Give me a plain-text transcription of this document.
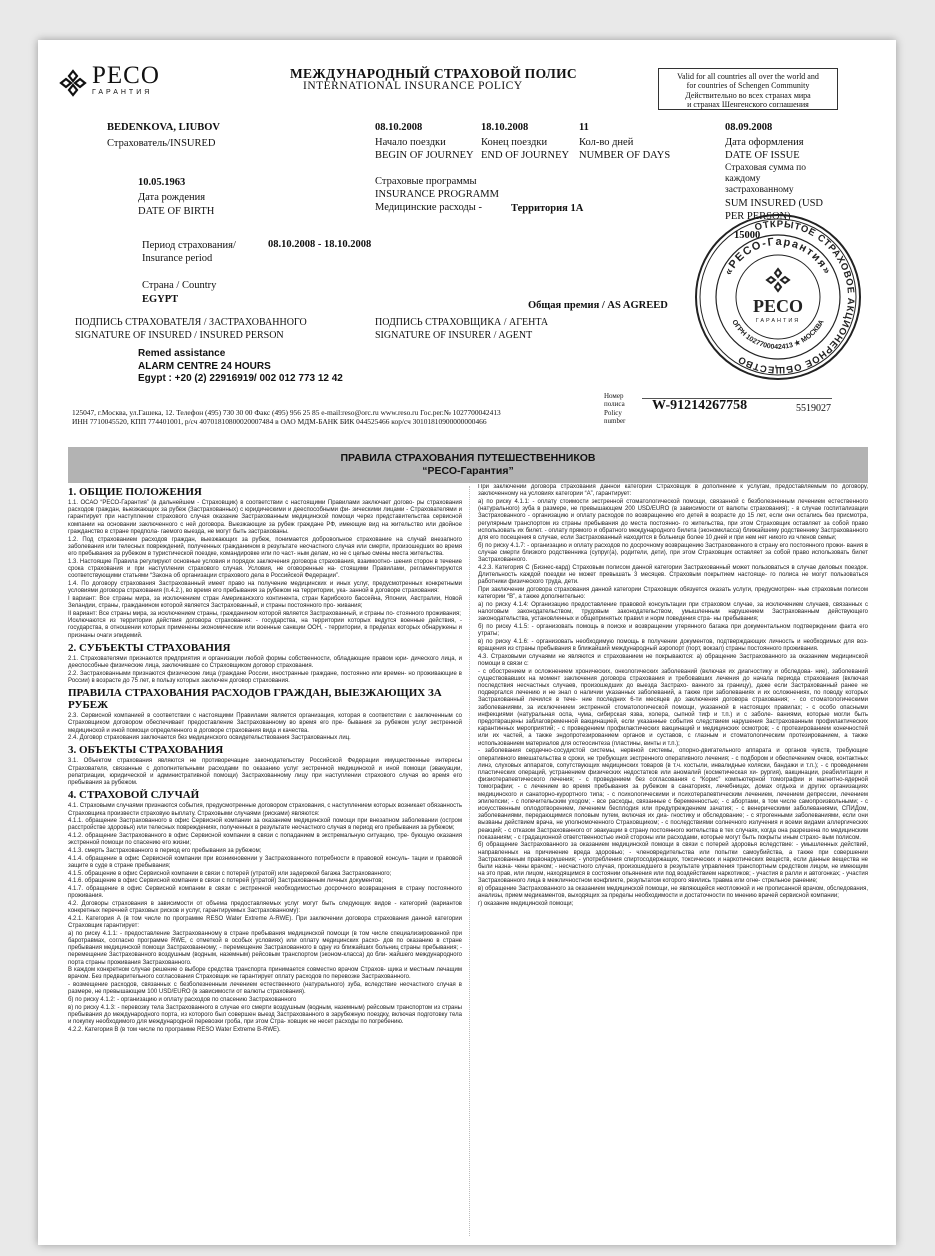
РЕСО
ГАРАНТИЯ
МЕЖДУНАРОДНЫЙ СТРАХОВОЙ ПОЛИС
INTERNATIONAL INSURANCE POLICY
Valid for all countries all over the world and
for countries of Schengen Community
Действительно во всех странах мира
и странах Шенгенского соглашения
BEDENKOVA, LIUBOV
Страхователь/INSURED
08.10.2008
Начало поездки
BEGIN OF JOURNEY
18.10.2008
Конец поездки
END OF JOURNEY
11
Кол-во дней
NUMBER OF DAYS
08.09.2008
Дата оформления
DATE OF ISSUE
Страховая сумма по
каждому
застрахованному
SUM INSURED (USD
PER PERSON)
15000
10.05.1963
Дата рождения
DATE OF BIRTH
Страховые программы
INSURANCE PROGRAMM
Медицинские расходы -	Территория 1А
Период страхования/
Insurance period
08.10.2008 - 18.10.2008
Страна / Country
EGYPT
Общая премия / AS AGREED
ПОДПИСЬ СТРАХОВАТЕЛЯ / ЗАСТРАХОВАННОГО
SIGNATURE OF INSURED / INSURED PERSON
ПОДПИСЬ СТРАХОВЩИКА / АГЕНТА
SIGNATURE OF INSURER / AGENT
Remed assistance
ALARM CENTRE 24 HOURS
Egypt : +20 (2) 22916919/ 002 012 773 12 42
125047, г.Москва, ул.Гашека, 12. Телефон (495) 730 30 00 Факс (495) 956 25 85 e-mail:reso@orc.ru www.reso.ru Гос.рег.№ 1027700042413
ИНН 7710045520, КПП 774401001, р/сч 40701810800020007484 в ОАО МДМ-БАНК БИК 044525466 кор/сч 30101810900000000466
Номер
полиса
Policy
number
W-91214267758	5519027
ОТКРЫТОЕ СТРАХОВОЕ АКЦИОНЕРНОЕ ОБЩЕСТВО
«РЕСО-Гарантия»
ОГРН 1027700042413 ★ МОСКВА
РЕСО
ГАРАНТИЯ
ПРАВИЛА СТРАХОВАНИЯ ПУТЕШЕСТВЕННИКОВ
“РЕСО-Гарантия”
1. ОБЩИЕ ПОЛОЖЕНИЯ

1.1. ОСАО “РЕСО-Гарантия” (в дальнейшем - Страховщик) в соответствии с настоящими Правилами заключает догово- ры страхования расходов граждан, выезжающих за рубеж (Застрахованных) с юридическими и дееспособными фи- зическими лицами - Страхователями и гарантирует при наступлении страхового случая оказание Застрахованным медицинской помощи через представительства сервисной компании на основании заключенного с ней договора. Выезжающие за рубеж граждане РФ, имеющие вид на жительство или двойное гражданство в стране предпола- гаемого выезда, не могут быть застрахованы.

1.2. Под страхованием расходов граждан, выезжающих за рубеж, понимается добровольное страхование на случай внезапного заболевания или телесных повреждений, полученных гражданином в результате несчастного случая или смерти, произошедших во время его пребывания за рубежом в туристической поездке, командировке или по част- ным делам, но не с целью смены места жительства.

1.3. Настоящие Правила регулируют основные условия и порядок заключения договора страхования, взаимоотно- шения сторон в течение срока страхования и при наступлении страхового случая. Условия, не оговоренные на- стоящими Правилами, регламентируются соответствующими статьями “Закона об организации страхового дела в Российской Федерации”.

1.4. По договору страхования Застрахованный имеет право на получение медицинских и иных услуг, предусмотренных конкретными условиями договора страхования (п.4.2.), во время его пребывания за рубежом на территории, ука- занной в договоре страхования:

I вариант: Все страны мира, за исключением стран Американского континента, стран Карибского бассейна, Японии, Австралии, Новой Зеландии, страны, гражданином которой является Застрахованный, и страны постоянного про- живания;

II вариант: Все страны мира, за исключением страны, гражданином которой является Застрахованный, и страны по- стоянного проживания;

Исключаются из территории действия договора страхования: - государства, на территории которых ведутся военные действия, - государства, в отношении которых применены экономические или военные санкции ООН, - территории, в пределах которых обнаружены и признаны очаги эпидемий.

2. СУБЪЕКТЫ СТРАХОВАНИЯ

2.1. Страхователями признаются предприятия и организации любой формы собственности, обладающие правом юри- дического лица, и дееспособные физические лица, заключившие со Страховщиком договор страхования.

2.2. Застрахованными признаются физические лица (граждане России, иностранные граждане, постоянно или времен- но проживающие в России) в возрасте до 75 лет, в пользу которых заключен договор страхования.

ПРАВИЛА СТРАХОВАНИЯ РАСХОДОВ ГРАЖДАН, ВЫЕЗЖАЮЩИХ ЗА РУБЕЖ

2.3. Сервисной компанией в соответствии с настоящими Правилами является организация, которая в соответствии с заключенным со Страховщиком договором обеспечивает предоставление Застрахованному во время его пре- бывания за рубежом услуг экстренной медицинской и иной помощи определенного в договоре страхования вида и качества.

2.4. Договор страхования заключается без медицинского освидетельствования Застрахованных лиц.

3. ОБЪЕКТЫ СТРАХОВАНИЯ

3.1. Объектом страхования являются не противоречащие законодательству Российской Федерации имущественные интересы Страхователя, связанные с дополнительными расходами по оказанию услуг экстренной медицинской и иной помощи (эвакуации, репатриации, юридической и административной помощи) Застрахованному лицу при наступлении страхового случая во время его пребывания за рубежом.

4. СТРАХОВОЙ СЛУЧАЙ

4.1. Страховыми случаями признаются события, предусмотренные договором страхования, с наступлением которых возникает обязанность Страховщика произвести страховую выплату. Страховыми случаями (рисками) являются:

4.1.1. обращение Застрахованного в офис Сервисной компании за оказанием медицинской помощи при внезапном заболевании (остром расстройстве здоровья) или телесных повреждениях, полученных в результате несчастного случая в период его пребывания за рубежом;

4.1.2. обращение Застрахованного в офис Сервисной компании в связи с попаданием в экстремальную ситуацию, тре- бующую оказания экстренной помощи по спасению его жизни;

4.1.3. смерть Застрахованного в период его пребывания за рубежом;

4.1.4. обращение в офис Сервисной компании при возникновении у Застрахованного потребности в правовой консуль- тации и правовой защите в суде в стране пребывания;

4.1.5. обращение в офис Сервисной компании в связи с потерей (утратой) или задержкой багажа Застрахованного;

4.1.6. обращение в офис Сервисной компании в связи с потерей (утратой) Застрахованным личных документов;

4.1.7. обращение в офис Сервисной компании в связи с экстренной необходимостью досрочного возвращения в страну постоянного проживания.

4.2. Договоры страхования в зависимости от объема предоставляемых услуг могут быть следующих видов - категорий (вариантов конкретных перечней страховых рисков и услуг, гарантируемых Застрахованному):

4.2.1. Категория А (в том числе по программе RESO Water Extreme A-RWE). При заключении договора страхования данной категории Страховщик гарантирует:

а) по риску 4.1.1: - предоставление Застрахованному в стране пребывания медицинской помощи (в том числе специализированной при баротравмах, согласно программе RWE, с отметкой в особых условиях) или оплату медицинских расхо- дов по оказанию в стране пребывания медицинской помощи Застрахованному; - перемещение Застрахованного в одну из ближайших больниц страны пребывания; - перемещение Застрахованного воздушным (водным, наземным) рейсовым транспортом (эконом-класса) до бли- жайшего международного порта страны проживания Застрахованного.

В каждом конкретном случае решение о выборе средства транспорта принимается совместно врачом Страхов- щика и местным лечащим врачом. Без предварительного согласования Страховщик не гарантирует оплату расходов по перевозке Застрахованного.

- возмещение расходов, связанных с безболезненным лечением естественного (натурального) зуба, вследствие несчастного случая в размере, не превышающем 100 USD/EURO (в зависимости от валюты страхования).

б) по риску 4.1.2: - организацию и оплату расходов по спасению Застрахованного

в) по риску 4.1.3: - перевозку тела Застрахованного в случае его смерти воздушным (водным, наземным) рейсовым транспортом из страны пребывания до международного порта, из которого был совершен выезд Застрахованного в зарубежную поездку, включая подготовку тела и покупку необходимого для международной перевозки гроба, при этом Стра- ховщик не несет расходы по погребению.

4.2.2. Категория В (в том числе по программе RESO Water Extreme B-RWE).

При заключении договора страхования данной категории Страховщик в дополнение к услугам, предоставляемым по договору, заключенному на условиях категории “А”, гарантирует:

а) по риску 4.1.1: - оплату стоимости экстренной стоматологической помощи, связанной с безболезненным лечением естественного (натурального) зуба в размере, не превышающем 200 USD/EURO (в зависимости от валюты страхования); - в случае госпитализации Застрахованного - организацию и оплату расходов по возвращению его детей в возрасте до 15 лет, если они остались без присмотра, регулярным транспортом из страны пребывания до места постоянно- го жительства, при этом Страховщик оставляет за собой право использовать их билет. - оплату прямого и обратного международного билета (экономкласса) ближайшему родственнику Застрахованного для его посещения в случае, если Застрахованный находится в больнице более 10 дней и при нем нет никого из членов семьи;

б) по риску 4.1.7: - организацию и оплату расходов по досрочному возвращению Застрахованного в страну его постоянного прожи- вания в случае смерти близкого родственника (супруг(а), родители, дети), при этом Страховщик оставляет за собой право использовать билет Застрахованного.

4.2.3. Категория С (Бизнес-кард) Страховым полисом данной категории Застрахованный может пользоваться в случае деловых поездок. Длительность каждой поездки не может превышать 3 месяцев. Страховым покрытием настояще- го полиса не могут пользоваться работники физического труда, дети.

При заключении договора страхования данной категории Страховщик обязуется оказать услуги, предусмотрен- ные страховым полисом категории “В”, а также дополнительно:

а) по риску 4.1.4: Организацию предоставление правовой консультации при страховом случае, за исключением случаев, связанных с налоговым законодательством, трудовым законодательством, умышленным нарушением Застрахованным действующего законодательства, установленных и общепринятых правил и норм поведения стра- ны пребывания;

б) по риску 4.1.5: - организовать помощь в поиске и возвращении утерянного багажа при документальном подтверждении факта его утраты;

в) по риску 4.1.6: - организовать необходимую помощь в получении документов, подтверждающих личность и необходимых для воз- вращения из страны пребывания в ближайший международный аэропорт (порт, вокзал) страны постоянного проживания.

4.3. Страховыми случаями не являются и страхованием не покрываются: а) обращение Застрахованного за оказанием медицинской помощи в связи с:

- с обострением и осложнением хронических, онкологических заболеваний (включая их диагностику и обследова- ние), заболеваний существовавших на момент заключения договора страхования и требовавших лечения до начала периода страхования (включая последствия несчастных случаев, произошедших до выезда Застрахо- ванного за границу), даже если Застрахованный ранее не подвергался лечению и не знал о наличии указанных заболеваний, а также при заболеваниях и их осложнениях, по поводу которых Застрахованный лечился в тече- ние последних 6-ти месяцев до заключения договора страхования; - со стоматологическими заболеваниями, за исключением экстренной стоматологической помощи, указанной в настоящих правилах; - с особо опасными инфекциями (натуральная оспа, чума, сибирская язва, холера, сыпной тиф и т.п.) и с заболе- ваниями, которые могли быть предотвращены заблаговременной вакцинацией, если указанные события следствием нарушения Застрахованным профилактических карантинных мероприятий; - с проведением профилактических вакцинаций и медицинских осмотров; - с протезированием конечностей или их частей, а также эндопротезированием органов и суставов, с глазным и стоматологическим протезированием, а также использованием материалов для остеосинтеза (пластины, винты и т.п.);

- заболевания сердечно-сосудистой системы, нервной системы, опорно-двигательного аппарата и органов чувств, требующие оперативного вмешательства в сроки, не требующих экстренного оперативного лечения; - с подбором и обеспечением очков, контактных линз, слуховых аппаратов, сопутствующих медицинских товаров (в т.ч. костыли, инвалидные коляски, бандажи и т.п.); - с проведением пластических операций, устранением физических недостатков или аномалий (косметическая хи- рургия), вакцинации, реабилитации и физиотерапевтического лечения; - с проведением без согласования с “Корис” компьютерной томографии и магнитно-ядерной томографии; - с лечением во время пребывания за рубежом в санаториях, лечебницах, домах отдыха и других организациях медицинского и санаторно-курортного типа; - с психологическими и психотерапевтическим лечением, лечением депрессии, лечением эпилепсии; - с попечительским уходом; - все расходы, связанные с беременностью; - с абортами, в том числе самопроизвольными; - с искусственным оплодотворением, лечением бесплодия или предупреждением зачатия; - с венерическими заболеваниями, СПИДом, заболеваниями, передающимися половым путем, включая их диа- гностику и обследование; - с ятрогенными заболеваниями, если они вызваны действием врача, не уполномоченного Страховщиком; - с последствиями солнечного излучения и всеми видами аллергических реакций; - с отказом Застрахованного от эвакуации в страну постоянного жительства в тех случаях, когда она разрешена по медицинским показаниям; - с градационной ответственностью иной стороны или расходами, которые могут быть покрыты иным страхо- вым полисом.

б) обращение Застрахованного за оказанием медицинской помощи в связи с потерей здоровья вследствие: - умышленных действий, направленных на причинение вреда здоровью; - членовредительства или попытки самоубийства, а также при совершении Застрахованным правонарушения; - употребления спиртосодержащих, токсических и наркотических веществ, если данные вещества не были назна- чены врачом; - несчастного случая, произошедшего в результате управления транспортным средством лицом, не имеющим на это прав, или лицом, находящимся в состоянии опьянения или под воздействием наркотиков; - участия в ралли и автогонках; - участия Застрахованного лица в межличностном конфликте, результатом которого явились травма или огне- стрельное ранение;

в) обращение Застрахованного за оказанием медицинской помощи, не являющейся неотложной и не прописанной врачом, обследования, анализы, прием медикаментов, выходящих за пределы необходимости и достаточности по мнению врачей сервисной компании;

г) оказание медицинской помощи;
